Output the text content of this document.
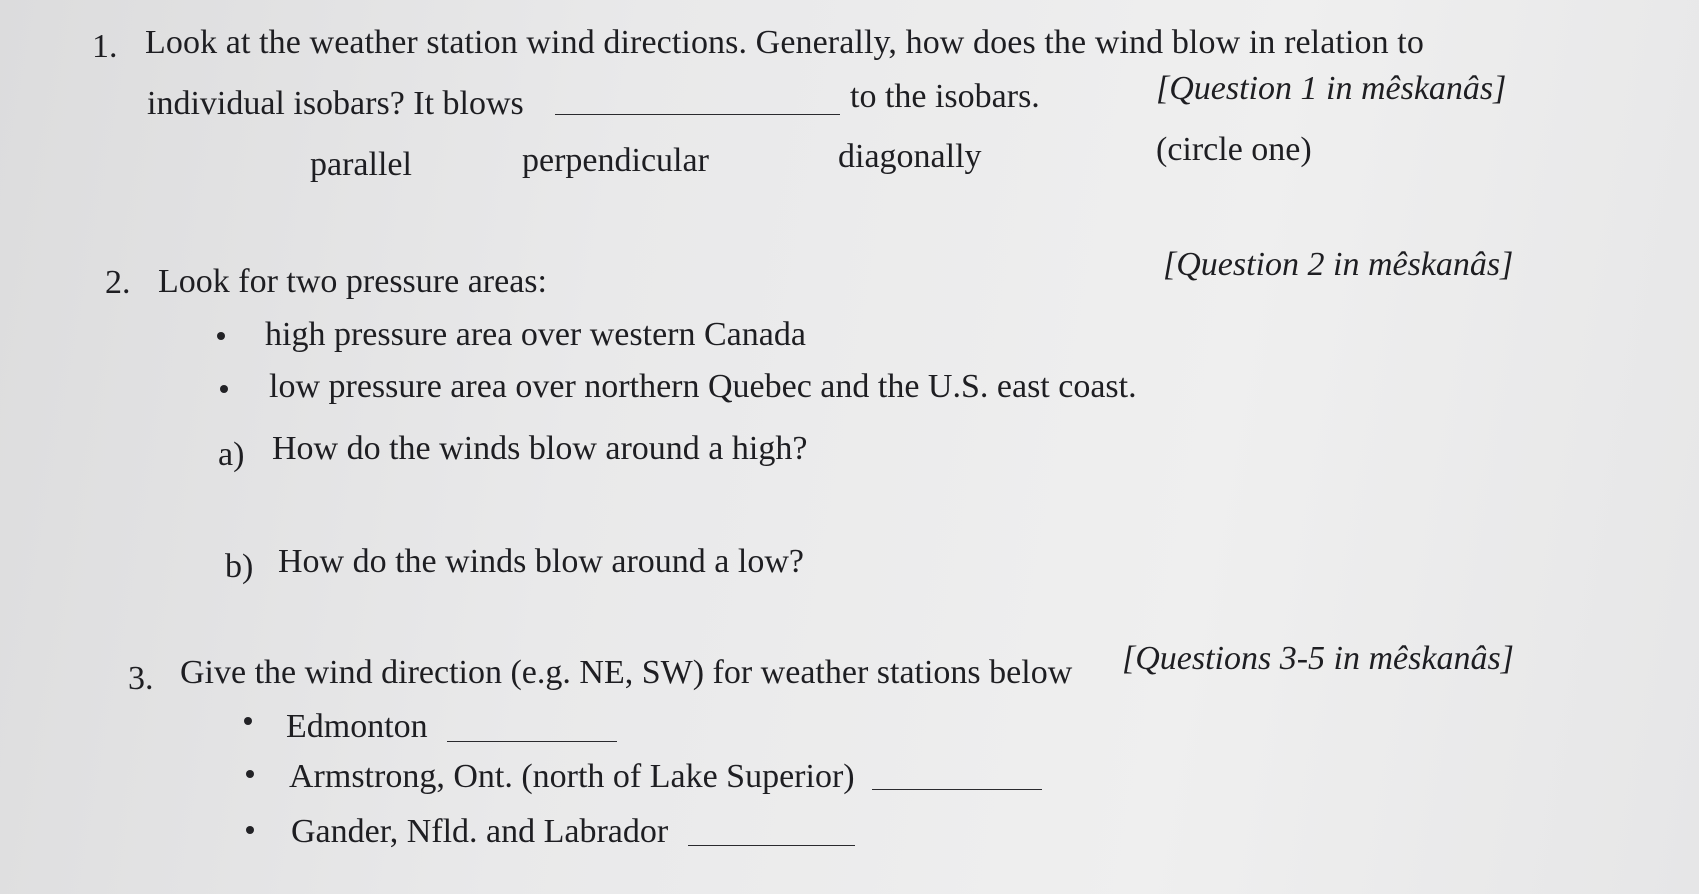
1. Look at the weather station wind directions. Generally, how does the wind blow in relation to
individual isobars? It blows	to the isobars.	[Question 1 in mêskanâs]
parallel	perpendicular	diagonally	(circle one)
2. Look for two pressure areas:	[Question 2 in mêskanâs]
high pressure area over western Canada
low pressure area over northern Quebec and the U.S. east coast.
a) How do the winds blow around a high?
b) How do the winds blow around a low?
3. Give the wind direction (e.g. NE, SW) for weather stations below [Questions 3-5 in mêskanâs]
Edmonton
Armstrong, Ont. (north of Lake Superior)
Gander, Nfld. and Labrador
